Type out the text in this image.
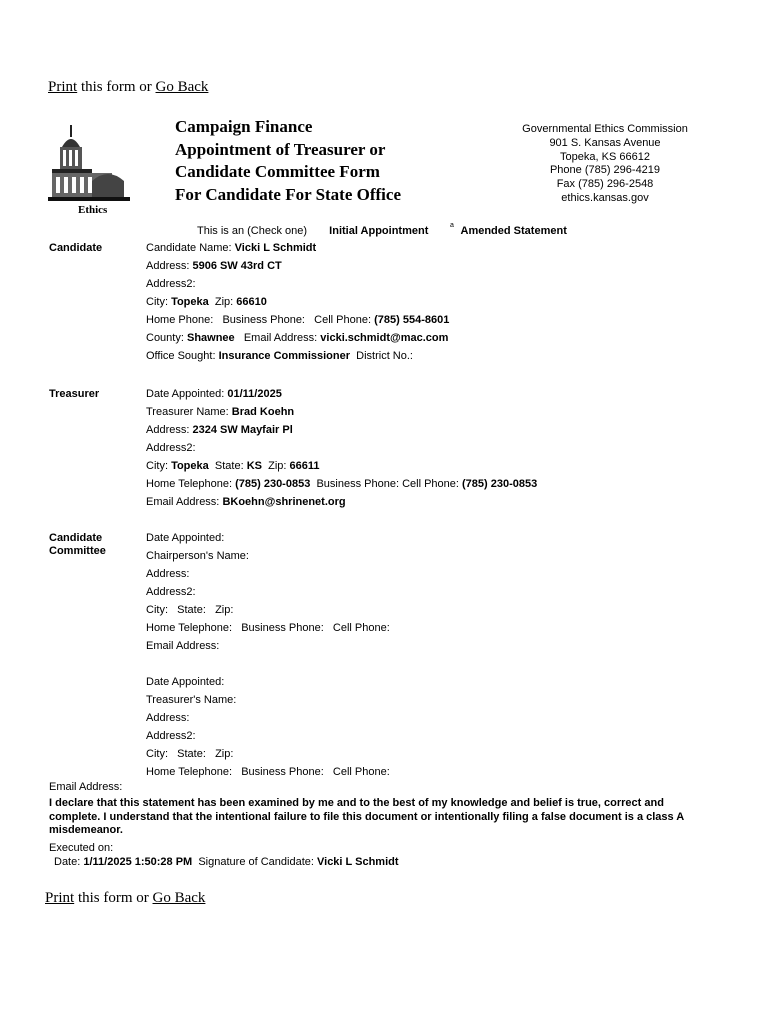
Print this form or Go Back
Ethics
Campaign Finance
Appointment of Treasurer or
Candidate Committee Form
For Candidate For State Office
Governmental Ethics Commission
901 S. Kansas Avenue
Topeka, KS 66612
Phone (785) 296-4219
Fax (785) 296-2548
ethics.kansas.gov
This is an (Check one) Initial Appointment	Amended Statement
a
Candidate	Candidate Name: Vicki L Schmidt
Address: 5906 SW 43rd CT
Address2:
City: Topeka Zip: 66610
Home Phone: Business Phone: Cell Phone: (785) 554-8601
County: Shawnee Email Address: vicki.schmidt@mac.com
Office Sought: Insurance Commissioner District No.:
Treasurer	Date Appointed: 01/11/2025
Treasurer Name: Brad Koehn
Address: 2324 SW Mayfair Pl
Address2:
City: Topeka State: KS Zip: 66611
Home Telephone: (785) 230-0853 Business Phone: Cell Phone: (785) 230-0853
Email Address: BKoehn@shrinenet.org
Candidate
Committee
Date Appointed:
Chairperson's Name:
Address:
Address2:
City:   State:   Zip:
Home Telephone:   Business Phone:   Cell Phone:
Email Address:
Date Appointed:
Treasurer's Name:
Address:
Address2:
City:   State:   Zip:
Home Telephone:   Business Phone:   Cell Phone:
Email Address:
I declare that this statement has been examined by me and to the best of my knowledge and belief is true, correct and complete. I understand that the intentional failure to file this document or intentionally filing a false document is a class A misdemeanor.
Executed on:
Date: 1/11/2025 1:50:28 PM Signature of Candidate: Vicki L Schmidt
Print this form or Go Back
